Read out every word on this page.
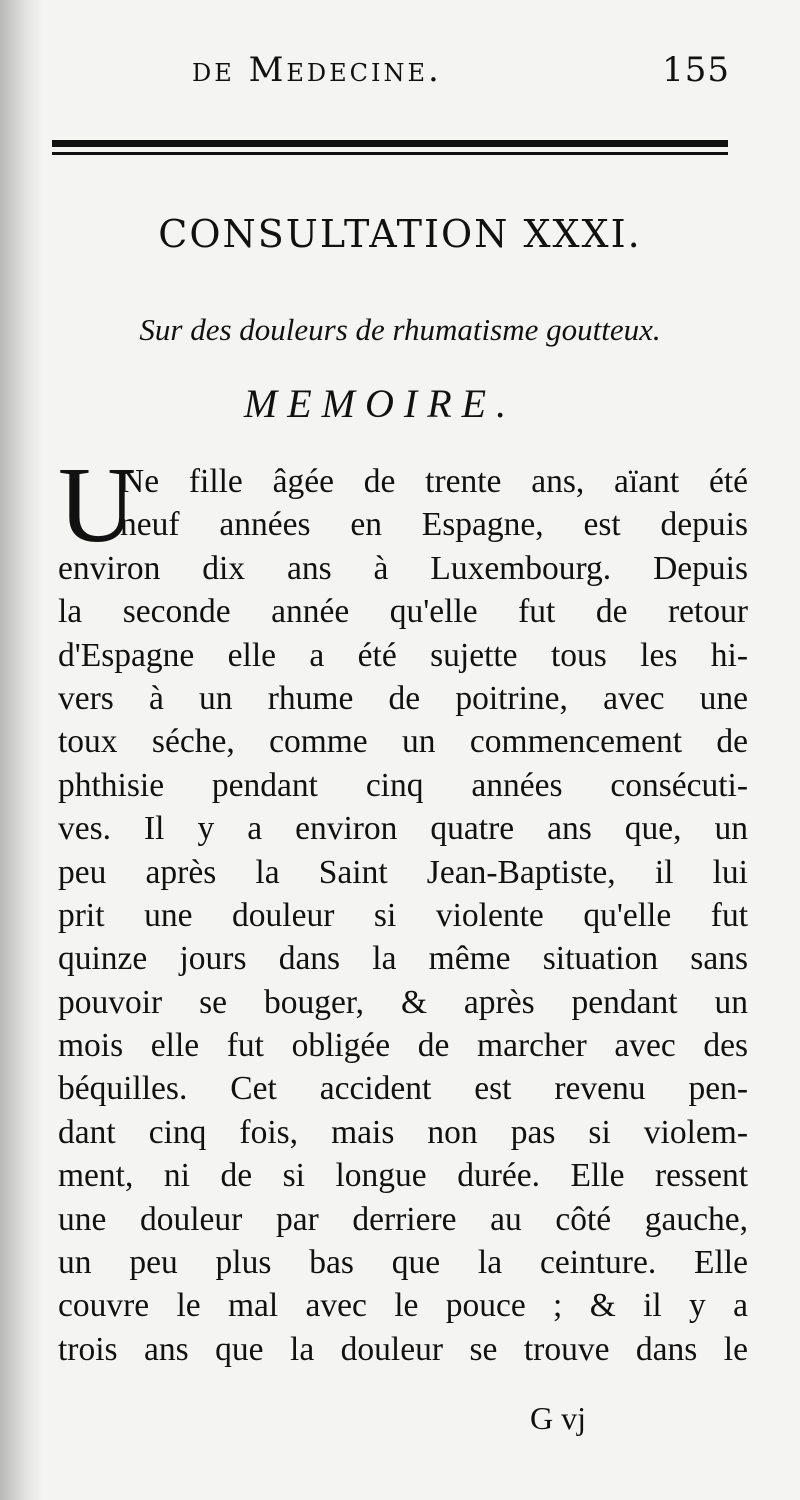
de Medecine.	155
CONSULTATION XXXI.
Sur des douleurs de rhumatisme goutteux.
MEMOIRE.
U
Ne fille âgée de trente ans, aïant été
neuf années en Espagne, est depuis
environ dix ans à Luxembourg. Depuis
la seconde année qu'elle fut de retour
d'Espagne elle a été sujette tous les hi-
vers à un rhume de poitrine, avec une
toux séche, comme un commencement de
phthisie pendant cinq années consécuti-
ves. Il y a environ quatre ans que, un
peu après la Saint Jean-Baptiste, il lui
prit une douleur si violente qu'elle fut
quinze jours dans la même situation sans
pouvoir se bouger, & après pendant un
mois elle fut obligée de marcher avec des
béquilles. Cet accident est revenu pen-
dant cinq fois, mais non pas si violem-
ment, ni de si longue durée. Elle ressent
une douleur par derriere au côté gauche,
un peu plus bas que la ceinture. Elle
couvre le mal avec le pouce ; & il y a
trois ans que la douleur se trouve dans le
G vj
